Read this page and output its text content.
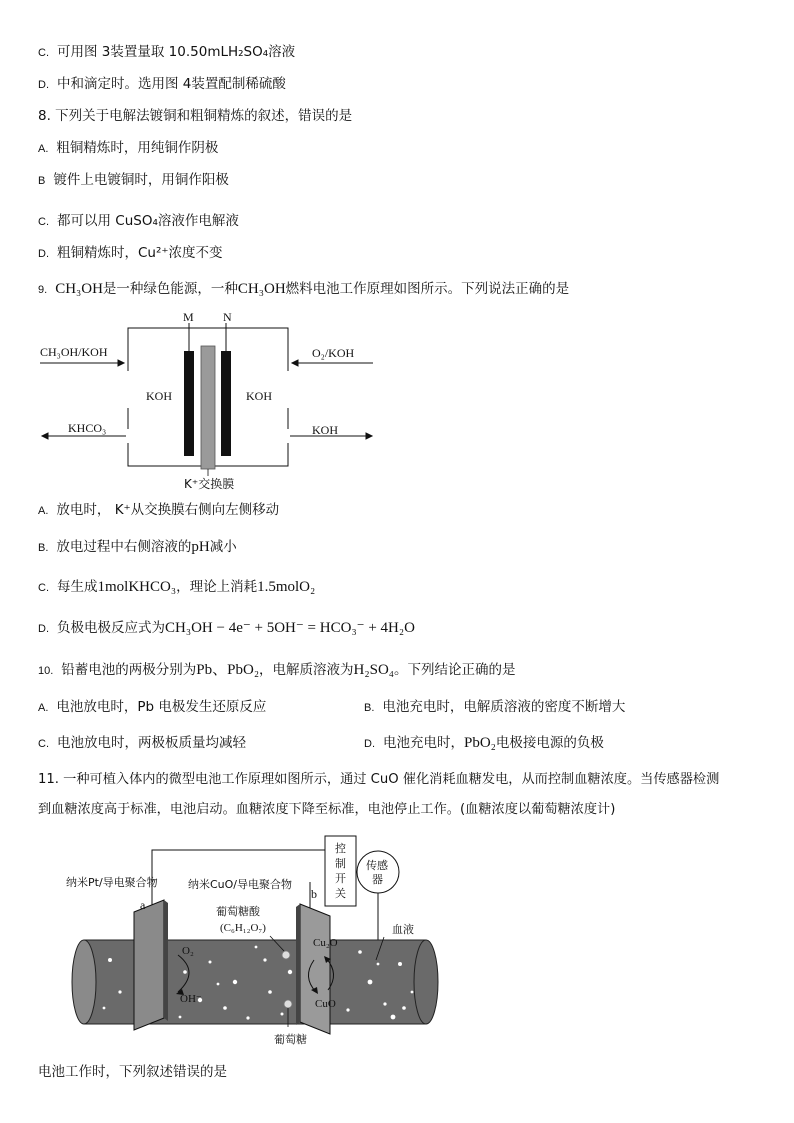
C. 可用图 3装置量取 10.50mLH₂SO₄溶液
D. 中和滴定时。选用图 4装置配制稀硫酸
8. 下列关于电解法镀铜和粗铜精炼的叙述，错误的是
A. 粗铜精炼时，用纯铜作阴极
B 镀件上电镀铜时，用铜作阳极
C. 都可以用 CuSO₄溶液作电解液
D. 粗铜精炼时，Cu²⁺浓度不变
9. CH₃OH是一种绿色能源，一种CH₃OH燃料电池工作原理如图所示。下列说法正确的是
M N
CH₃OH/KOH	O₂/KOH
KOH	KOH
KHCO₃	KOH
K⁺交换膜
A. 放电时， K⁺从交换膜右侧向左侧移动
B. 放电过程中右侧溶液的pH减小
C. 每生成1molKHCO₃，理论上消耗1.5molO₂
D. 负极电极反应式为CH₃OH − 4e⁻ + 5OH⁻ = HCO₃⁻ + 4H₂O
10. 铅蓄电池的两极分别为Pb、PbO₂，电解质溶液为H₂SO₄。下列结论正确的是
A. 电池放电时，Pb 电极发生还原反应	B. 电池充电时，电解质溶液的密度不断增大
C. 电池放电时，两极板质量均减轻	D. 电池充电时，PbO₂电极接电源的负极
11. 一种可植入体内的微型电池工作原理如图所示，通过 CuO 催化消耗血糖发电，从而控制血糖浓度。当传感器检测
到血糖浓度高于标准，电池启动。血糖浓度下降至标准，电池停止工作。(血糖浓度以葡萄糖浓度计)
纳米Pt/导电聚合物
a
纳米CuO/导电聚合物
b
控
制
开
关
传感
器
葡萄糖酸
(C₆H₁₂O₇)
O₂
OH⁻
Cu₂O
CuO
血液
葡萄糖
电池工作时，下列叙述错误的是
